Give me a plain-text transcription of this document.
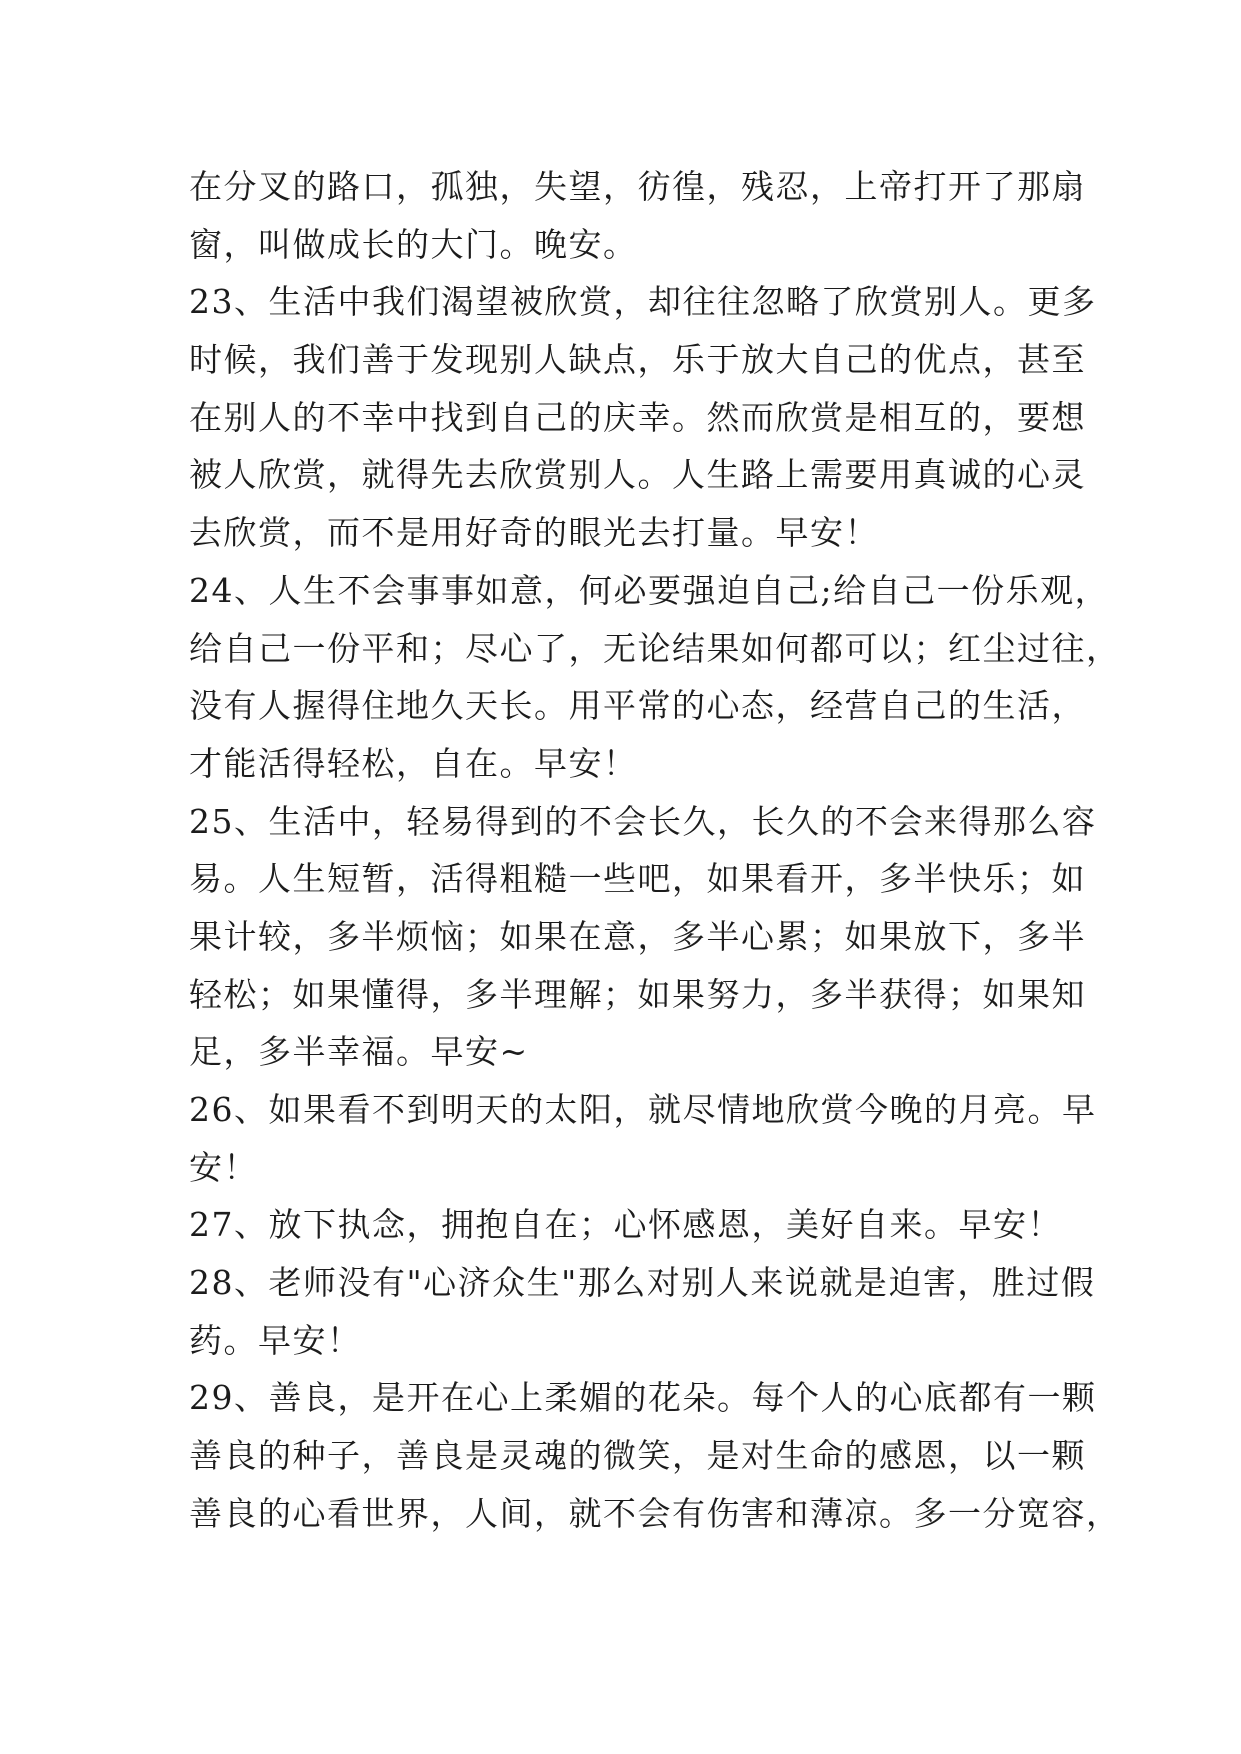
在分叉的路口，孤独，失望，彷徨，残忍，上帝打开了那扇
窗，叫做成长的大门。晚安。
23、生活中我们渴望被欣赏，却往往忽略了欣赏别人。更多
时候，我们善于发现别人缺点，乐于放大自己的优点，甚至
在别人的不幸中找到自己的庆幸。然而欣赏是相互的，要想
被人欣赏，就得先去欣赏别人。人生路上需要用真诚的心灵
去欣赏，而不是用好奇的眼光去打量。早安！
24、人生不会事事如意，何必要强迫自己;给自己一份乐观，
给自己一份平和；尽心了，无论结果如何都可以；红尘过往，
没有人握得住地久天长。用平常的心态，经营自己的生活，
才能活得轻松，自在。早安！
25、生活中，轻易得到的不会长久，长久的不会来得那么容
易。人生短暂，活得粗糙一些吧，如果看开，多半快乐；如
果计较，多半烦恼；如果在意，多半心累；如果放下，多半
轻松；如果懂得，多半理解；如果努力，多半获得；如果知
足，多半幸福。早安~
26、如果看不到明天的太阳，就尽情地欣赏今晚的月亮。早
安！
27、放下执念，拥抱自在；心怀感恩，美好自来。早安！
28、老师没有"心济众生"那么对别人来说就是迫害，胜过假
药。早安！
29、善良，是开在心上柔媚的花朵。每个人的心底都有一颗
善良的种子，善良是灵魂的微笑，是对生命的感恩，以一颗
善良的心看世界，人间，就不会有伤害和薄凉。多一分宽容，
